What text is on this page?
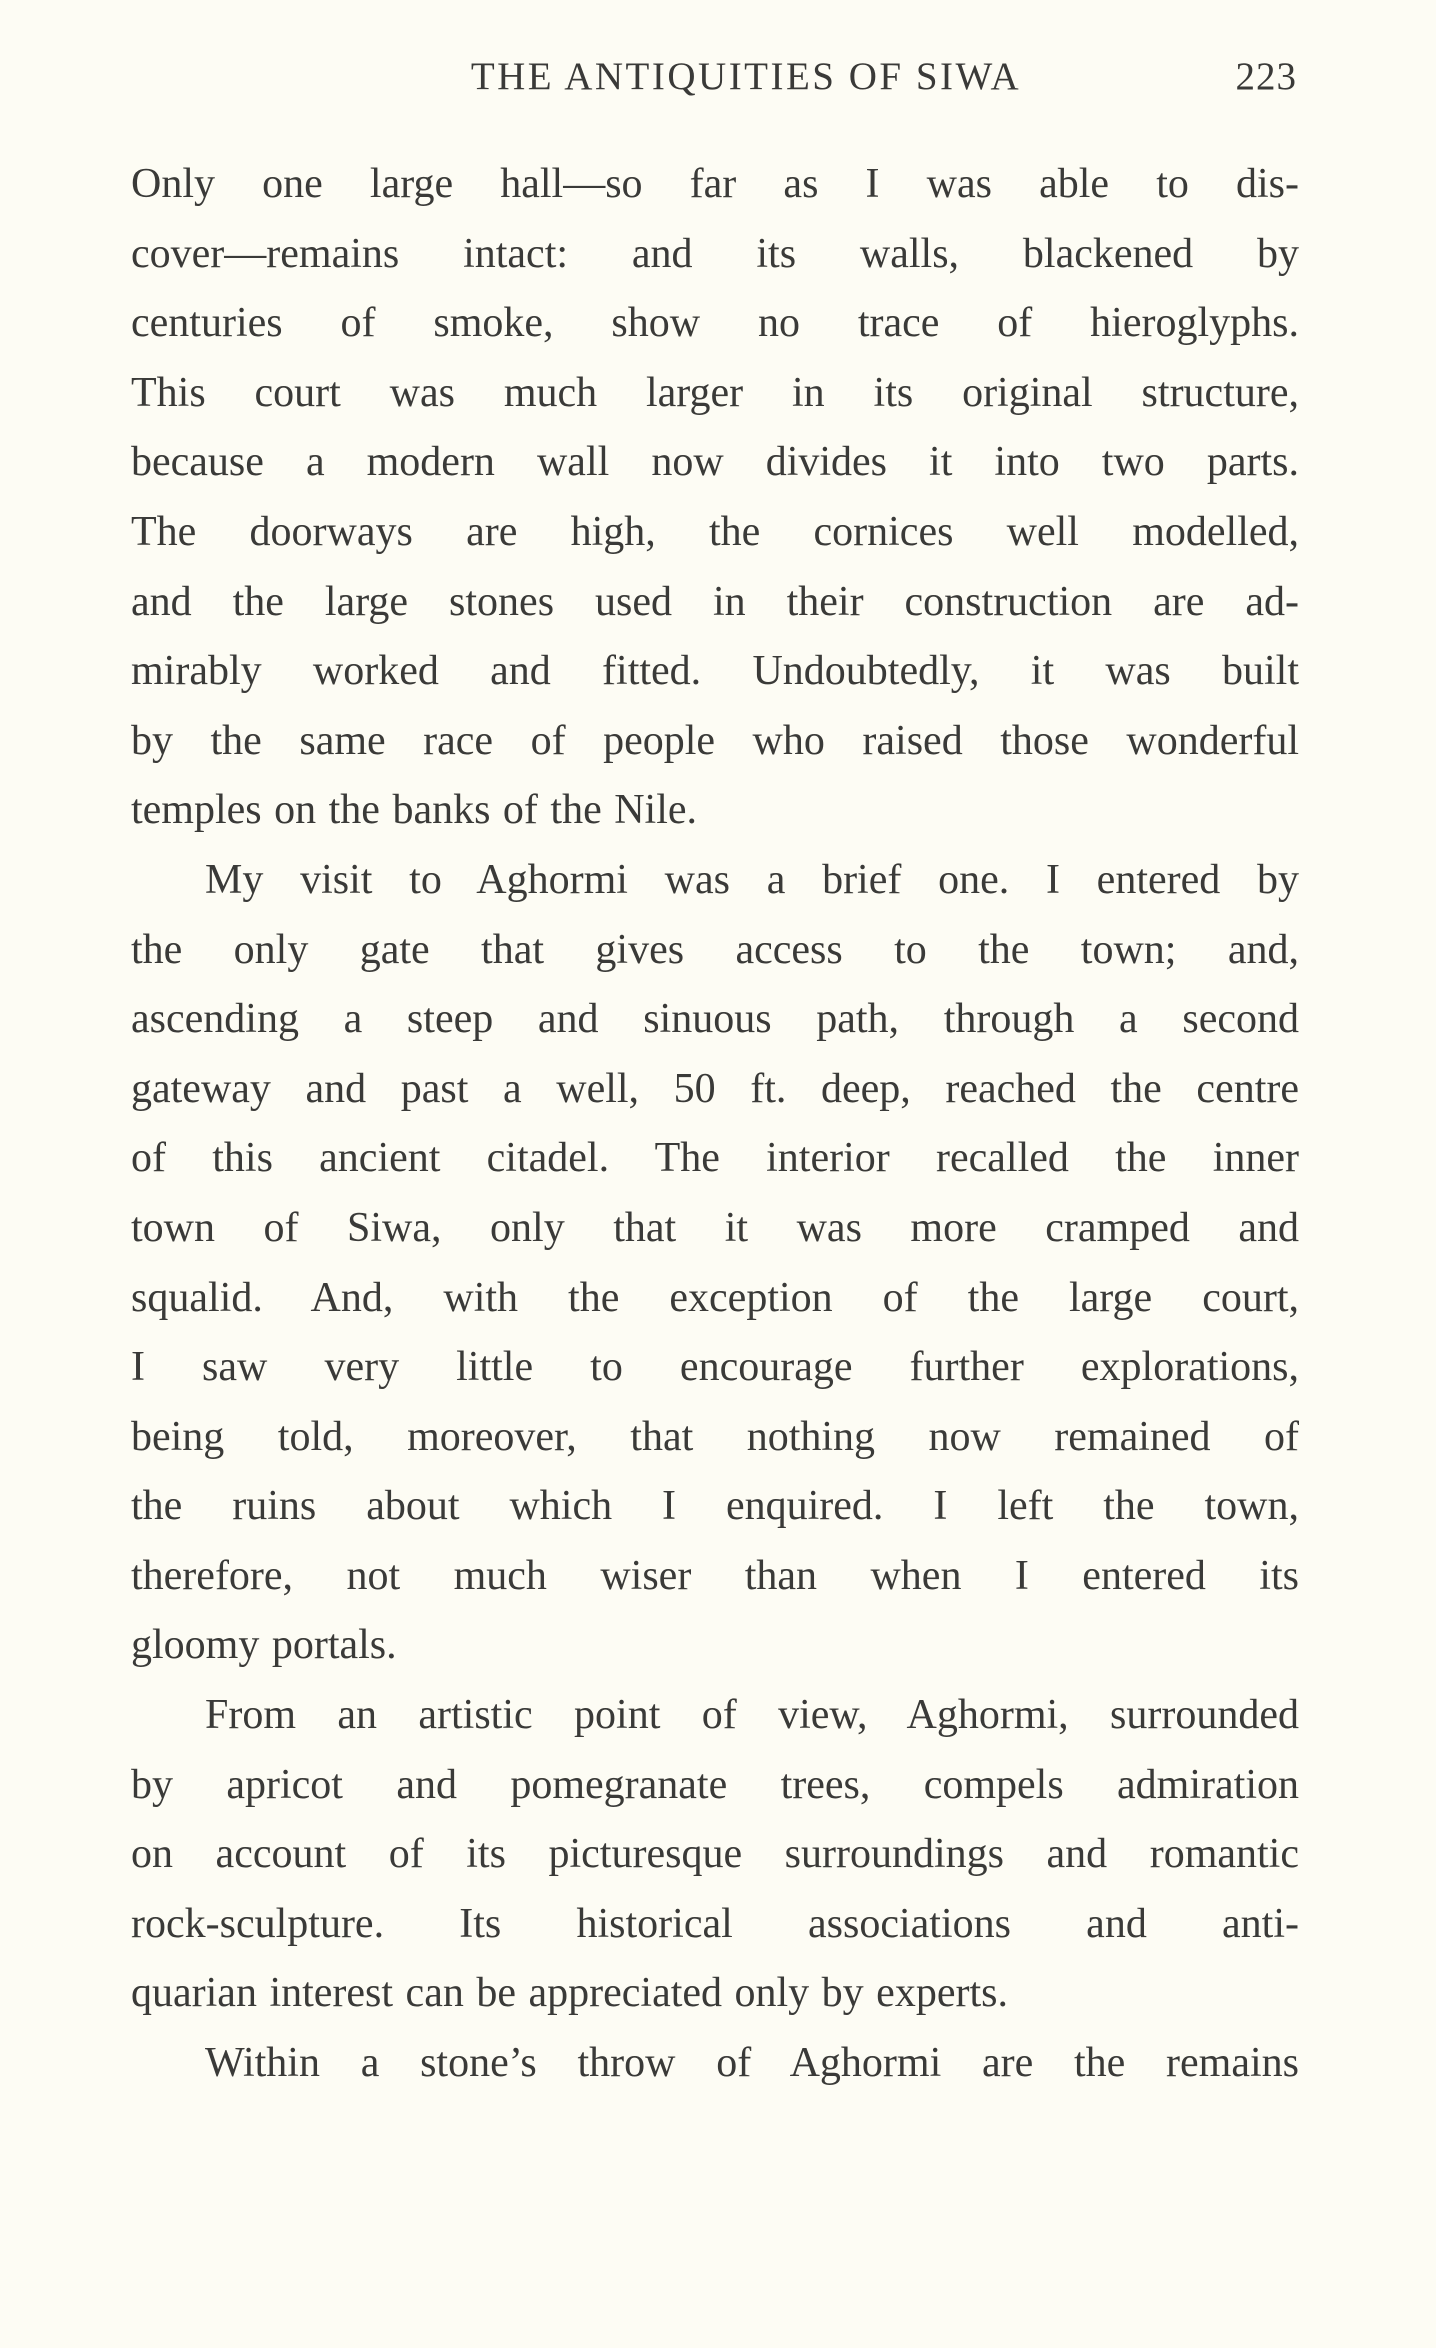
THE ANTIQUITIES OF SIWA	223
Only one large hall—so far as I was able to dis-
cover—remains intact: and its walls, blackened by
centuries of smoke, show no trace of hieroglyphs.
This court was much larger in its original structure,
because a modern wall now divides it into two parts.
The doorways are high, the cornices well modelled,
and the large stones used in their construction are ad-
mirably worked and fitted. Undoubtedly, it was built
by the same race of people who raised those wonderful
temples on the banks of the Nile.
My visit to Aghormi was a brief one. I entered by
the only gate that gives access to the town; and,
ascending a steep and sinuous path, through a second
gateway and past a well, 50 ft. deep, reached the centre
of this ancient citadel. The interior recalled the inner
town of Siwa, only that it was more cramped and
squalid. And, with the exception of the large court,
I saw very little to encourage further explorations,
being told, moreover, that nothing now remained of
the ruins about which I enquired. I left the town,
therefore, not much wiser than when I entered its
gloomy portals.
From an artistic point of view, Aghormi, surrounded
by apricot and pomegranate trees, compels admiration
on account of its picturesque surroundings and romantic
rock-sculpture. Its historical associations and anti-
quarian interest can be appreciated only by experts.
Within a stone’s throw of Aghormi are the remains
